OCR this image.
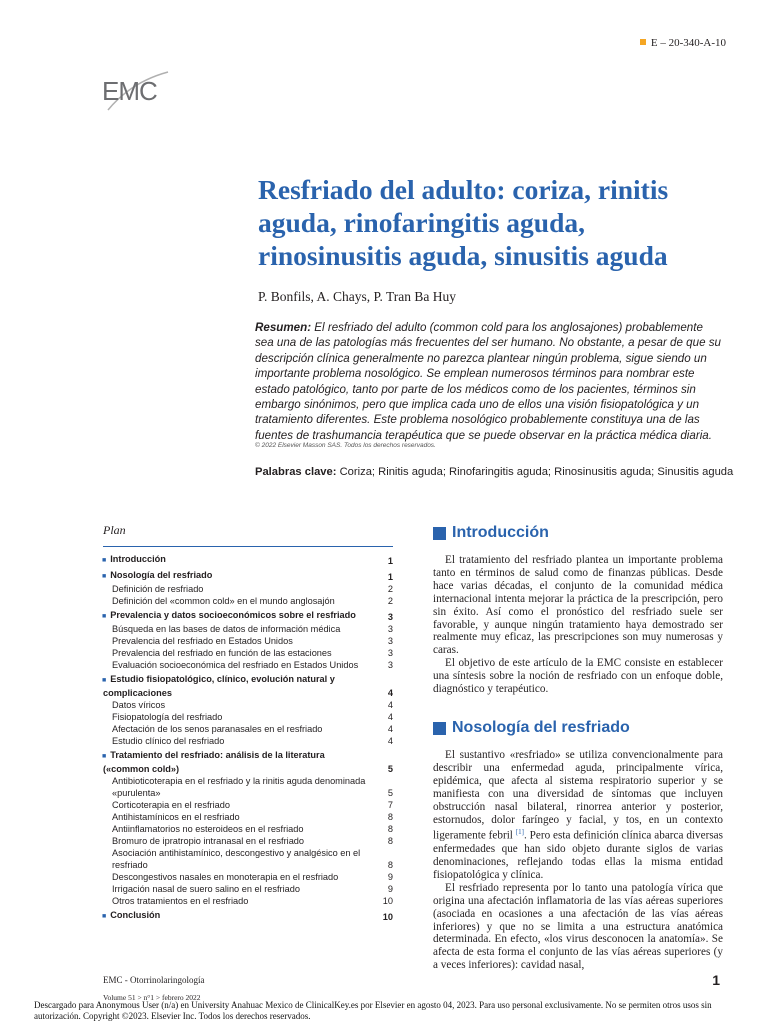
E – 20-340-A-10
EMC
Resfriado del adulto: coriza, rinitis aguda, rinofaringitis aguda, rinosinusitis aguda, sinusitis aguda
P. Bonfils, A. Chays, P. Tran Ba Huy
Resumen: El resfriado del adulto (common cold para los anglosajones) probablemente sea una de las patologías más frecuentes del ser humano. No obstante, a pesar de que su descripción clínica generalmente no parezca plantear ningún problema, sigue siendo un importante problema nosológico. Se emplean numerosos términos para nombrar este estado patológico, tanto por parte de los médicos como de los pacientes, términos sin embargo sinónimos, pero que implica cada uno de ellos una visión fisiopatológica y un tratamiento diferentes. Este problema nosológico probablemente constituya una de las fuentes de trashumancia terapéutica que se puede observar en la práctica médica diaria.
© 2022 Elsevier Masson SAS. Todos los derechos reservados.
Palabras clave: Coriza; Rinitis aguda; Rinofaringitis aguda; Rinosinusitis aguda; Sinusitis aguda
Plan
■ Introducción	1
■ Nosología del resfriado	1
Definición de resfriado	2
Definición del «common cold» en el mundo anglosajón	2
■ Prevalencia y datos socioeconómicos sobre el resfriado	3
Búsqueda en las bases de datos de información médica	3
Prevalencia del resfriado en Estados Unidos	3
Prevalencia del resfriado en función de las estaciones	3
Evaluación socioeconómica del resfriado en Estados Unidos	3
■ Estudio fisiopatológico, clínico, evolución natural y complicaciones	4
Datos víricos	4
Fisiopatología del resfriado	4
Afectación de los senos paranasales en el resfriado	4
Estudio clínico del resfriado	4
■ Tratamiento del resfriado: análisis de la literatura («common cold»)	5
Antibioticoterapia en el resfriado y la rinitis aguda denominada «purulenta»	5
Corticoterapia en el resfriado	7
Antihistamínicos en el resfriado	8
Antiinflamatorios no esteroideos en el resfriado	8
Bromuro de ipratropio intranasal en el resfriado	8
Asociación antihistamínico, descongestivo y analgésico en el resfriado	8
Descongestivos nasales en monoterapia en el resfriado	9
Irrigación nasal de suero salino en el resfriado	9
Otros tratamientos en el resfriado	10
■ Conclusión	10
Introducción

El tratamiento del resfriado plantea un importante problema tanto en términos de salud como de finanzas públicas. Desde hace varias décadas, el conjunto de la comunidad médica internacional intenta mejorar la práctica de la prescripción, pero sin éxito. Así como el pronóstico del resfriado suele ser favorable, y aunque ningún tratamiento haya demostrado ser realmente muy eficaz, las prescripciones son muy numerosas y caras.

El objetivo de este artículo de la EMC consiste en establecer una síntesis sobre la noción de resfriado con un enfoque doble, diagnóstico y terapéutico.

Nosología del resfriado

El sustantivo «resfriado» se utiliza convencionalmente para describir una enfermedad aguda, principalmente vírica, epidémica, que afecta al sistema respiratorio superior y se manifiesta con una diversidad de síntomas que incluyen obstrucción nasal bilateral, rinorrea anterior y posterior, estornudos, dolor faríngeo y facial, y tos, en un contexto ligeramente febril [1]. Pero esta definición clínica abarca diversas enfermedades que han sido objeto durante siglos de varias denominaciones, reflejando todas ellas la misma entidad fisiopatológica y clínica.

El resfriado representa por lo tanto una patología vírica que origina una afectación inflamatoria de las vías aéreas superiores (asociada en ocasiones a una afectación de las vías aéreas inferiores) y que no se limita a una estructura anatómica determinada. En efecto, «los virus desconocen la anatomía». Se afecta de esta forma el conjunto de las vías aéreas superiores (y a veces inferiores): cavidad nasal,

EMC - Otorrinolaringología	1
Volume 51 > n°1 > febrero 2022
Descargado para Anonymous User (n/a) en University Anahuac Mexico de ClinicalKey.es por Elsevier en agosto 04, 2023. Para uso personal exclusivamente. No se permiten otros usos sin autorización. Copyright ©2023. Elsevier Inc. Todos los derechos reservados.
